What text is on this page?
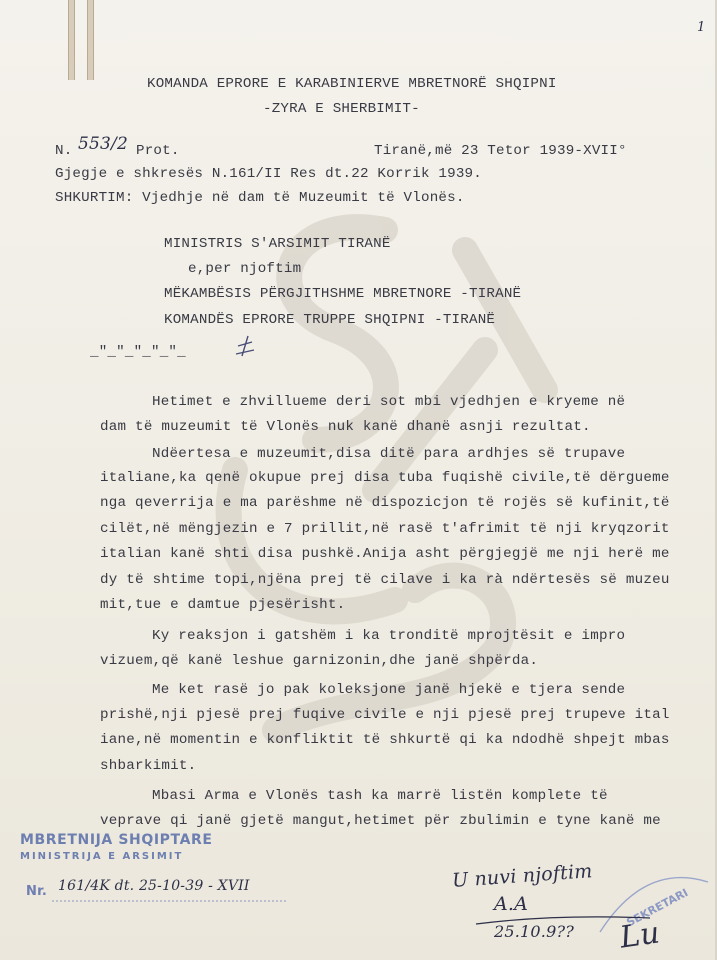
1
KOMANDA EPRORE E KARABINIERVE MBRETNORË SHQIPNI
-ZYRA E SHERBIMIT-
N. 553/2 Prot.	Tiranë,më 23 Tetor 1939-XVII°
Gjegje e shkresës N.161/II Res dt.22 Korrik 1939.
SHKURTIM: Vjedhje në dam të Muzeumit të Vlonës.
MINISTRIS S'ARSIMIT TIRANË
e,per njoftim
MËKAMBËSIS PËRGJITHSHME MBRETNORE -TIRANË
KOMANDËS EPRORE TRUPPE SHQIPNI -TIRANË
_"_"_"_"_"_
Hetimet e zhvillueme deri sot mbi vjedhjen e kryeme në
dam të muzeumit të Vlonës nuk kanë dhanë asnji rezultat.
Ndëertesa e muzeumit,disa ditë para ardhjes së trupave
italiane,ka qenë okupue prej disa tuba fuqishë civile,të dërgueme
nga qeverrija e ma parëshme në dispozicjon të rojës së kufinit,të
cilët,në mëngjezin e 7 prillit,në rasë t'afrimit të nji kryqzorit
italian kanë shti disa pushkë.Anija asht përgjegjë me nji herë me
dy të shtime topi,njëna prej të cilave i ka rà ndërtesës së muzeu
mit,tue e damtue pjesërisht.
Ky reaksjon i gatshëm i ka tronditë mprojtësit e impro
vizuem,që kanë leshue garnizonin,dhe janë shpërda.
Me ket rasë jo pak koleksjone janë hjekë e tjera sende
prishë,nji pjesë prej fuqive civile e nji pjesë prej trupeve ital
iane,në momentin e konfliktit të shkurtë qi ka ndodhë shpejt mbas
shbarkimit.
Mbasi Arma e Vlonës tash ka marrë listën komplete të
veprave qi janë gjetë mangut,hetimet për zbulimin e tyne kanë me
MBRETNIJA SHQIPTARE
MINISTRIJA E ARSIMIT
Nr. 161/4K dt. 25-10-39 - XVII
SEKRETARI
U nuvi njoftim
A.A
25.10.9?? Lu
